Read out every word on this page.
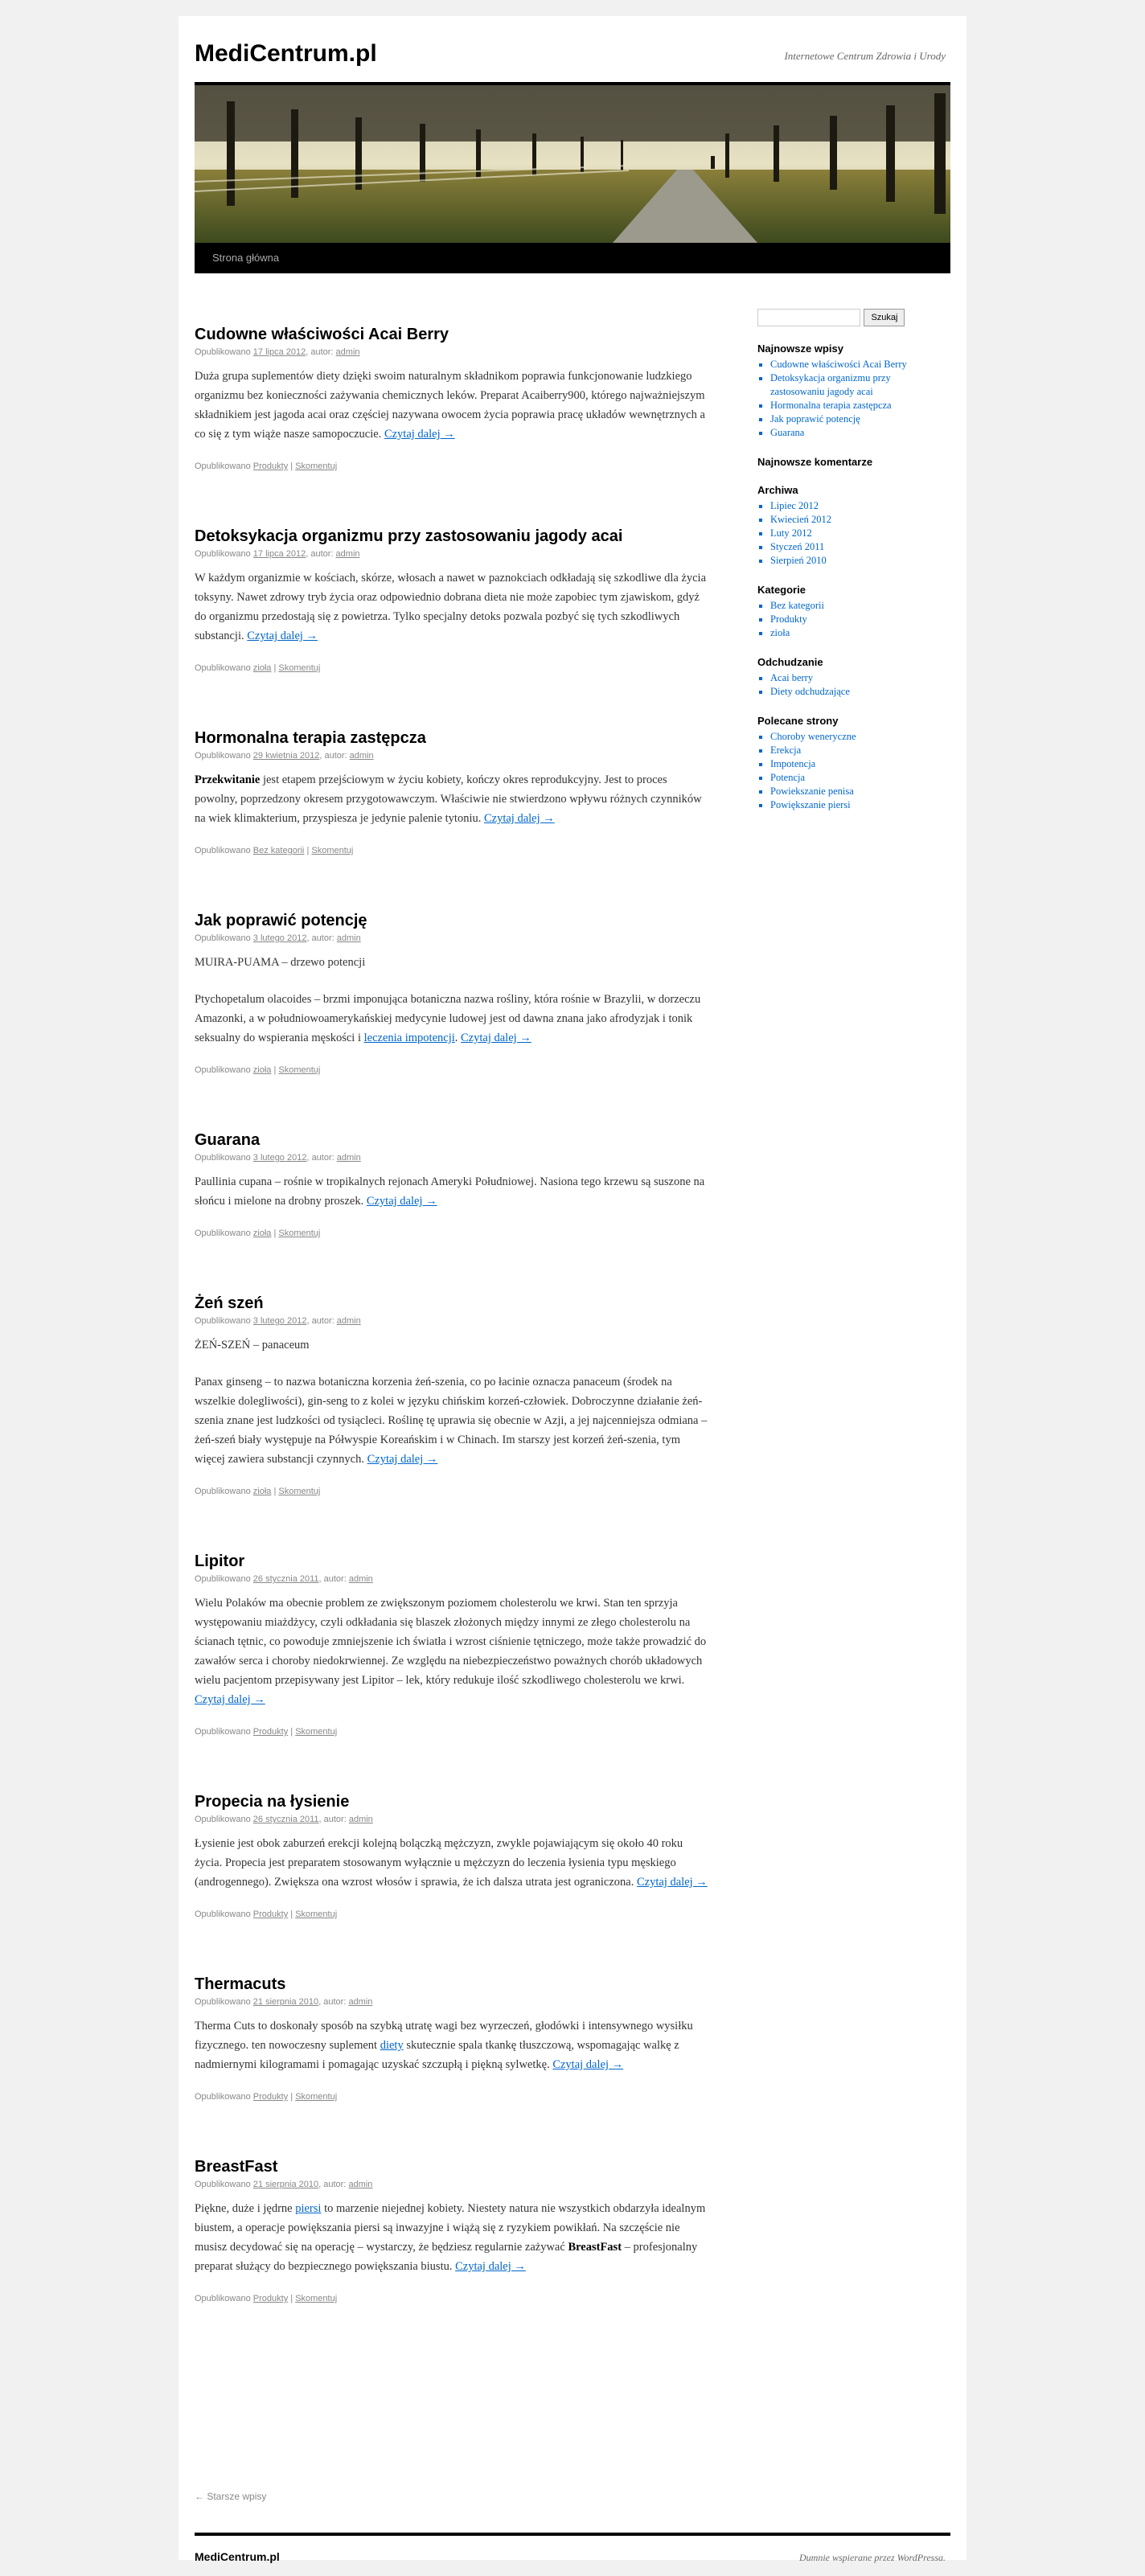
MediCentrum.pl	Internetowe Centrum Zdrowia i Urody
Strona główna
Cudowne właściwości Acai Berry
Opublikowano 17 lipca 2012, autor: admin

Duża grupa suplementów diety dzięki swoim naturalnym składnikom poprawia funkcjonowanie ludzkiego organizmu bez konieczności zażywania chemicznych leków. Preparat Acaiberry900, którego najważniejszym składnikiem jest jagoda acai oraz częściej nazywana owocem życia poprawia pracę układów wewnętrznych a co się z tym wiąże nasze samopoczucie. Czytaj dalej →

Opublikowano Produkty | Skomentuj
Detoksykacja organizmu przy zastosowaniu jagody acai
Opublikowano 17 lipca 2012, autor: admin

W każdym organizmie w kościach, skórze, włosach a nawet w paznokciach odkładają się szkodliwe dla życia toksyny. Nawet zdrowy tryb życia oraz odpowiednio dobrana dieta nie może zapobiec tym zjawiskom, gdyż do organizmu przedostają się z powietrza. Tylko specjalny detoks pozwala pozbyć się tych szkodliwych substancji. Czytaj dalej →

Opublikowano zioła | Skomentuj
Hormonalna terapia zastępcza
Opublikowano 29 kwietnia 2012, autor: admin

Przekwitanie jest etapem przejściowym w życiu kobiety, kończy okres reprodukcyjny. Jest to proces powolny, poprzedzony okresem przygotowawczym. Właściwie nie stwierdzono wpływu różnych czynników na wiek klimakterium, przyspiesza je jedynie palenie tytoniu. Czytaj dalej →

Opublikowano Bez kategorii | Skomentuj
Jak poprawić potencję
Opublikowano 3 lutego 2012, autor: admin

MUIRA-PUAMA – drzewo potencji

Ptychopetalum olacoides – brzmi imponująca botaniczna nazwa rośliny, która rośnie w Brazylii, w dorzeczu Amazonki, a w południowoamerykańskiej medycynie ludowej jest od dawna znana jako afrodyzjak i tonik seksualny do wspierania męskości i leczenia impotencji. Czytaj dalej →

Opublikowano zioła | Skomentuj
Guarana
Opublikowano 3 lutego 2012, autor: admin

Paullinia cupana – rośnie w tropikalnych rejonach Ameryki Południowej. Nasiona tego krzewu są suszone na słońcu i mielone na drobny proszek. Czytaj dalej →

Opublikowano zioła | Skomentuj
Żeń szeń
Opublikowano 3 lutego 2012, autor: admin

ŻEŃ-SZEŃ – panaceum

Panax ginseng – to nazwa botaniczna korzenia żeń-szenia, co po łacinie oznacza panaceum (środek na wszelkie dolegliwości), gin-seng to z kolei w języku chińskim korzeń-człowiek. Dobroczynne działanie żeń-szenia znane jest ludzkości od tysiącleci. Roślinę tę uprawia się obecnie w Azji, a jej najcenniejsza odmiana – żeń-szeń biały występuje na Półwyspie Koreańskim i w Chinach. Im starszy jest korzeń żeń-szenia, tym więcej zawiera substancji czynnych. Czytaj dalej →

Opublikowano zioła | Skomentuj
Lipitor
Opublikowano 26 stycznia 2011, autor: admin

Wielu Polaków ma obecnie problem ze zwiększonym poziomem cholesterolu we krwi. Stan ten sprzyja występowaniu miażdżycy, czyli odkładania się blaszek złożonych między innymi ze złego cholesterolu na ścianach tętnic, co powoduje zmniejszenie ich światła i wzrost ciśnienie tętniczego, może także prowadzić do zawałów serca i choroby niedokrwiennej. Ze względu na niebezpieczeństwo poważnych chorób układowych wielu pacjentom przepisywany jest Lipitor – lek, który redukuje ilość szkodliwego cholesterolu we krwi. Czytaj dalej →

Opublikowano Produkty | Skomentuj
Propecia na łysienie
Opublikowano 26 stycznia 2011, autor: admin

Łysienie jest obok zaburzeń erekcji kolejną bolączką mężczyzn, zwykle pojawiającym się około 40 roku życia. Propecia jest preparatem stosowanym wyłącznie u mężczyzn do leczenia łysienia typu męskiego (androgennego). Zwiększa ona wzrost włosów i sprawia, że ich dalsza utrata jest ograniczona. Czytaj dalej →

Opublikowano Produkty | Skomentuj
Thermacuts
Opublikowano 21 sierpnia 2010, autor: admin

Therma Cuts to doskonały sposób na szybką utratę wagi bez wyrzeczeń, głodówki i intensywnego wysiłku fizycznego. ten nowoczesny suplement diety skutecznie spala tkankę tłuszczową, wspomagając walkę z nadmiernymi kilogramami i pomagając uzyskać szczupłą i piękną sylwetkę. Czytaj dalej →

Opublikowano Produkty | Skomentuj
BreastFast
Opublikowano 21 sierpnia 2010, autor: admin

Piękne, duże i jędrne piersi to marzenie niejednej kobiety. Niestety natura nie wszystkich obdarzyła idealnym biustem, a operacje powiększania piersi są inwazyjne i wiążą się z ryzykiem powikłań. Na szczęście nie musisz decydować się na operację – wystarczy, że będziesz regularnie zażywać BreastFast – profesjonalny preparat służący do bezpiecznego powiększania biustu. Czytaj dalej →

Opublikowano Produkty | Skomentuj
← Starsze wpisy
Szukaj
Najnowsze wpisy
▪ Cudowne właściwości Acai Berry
▪ Detoksykacja organizmu przy zastosowaniu jagody acai
▪ Hormonalna terapia zastępcza
▪ Jak poprawić potencję
▪ Guarana
Najnowsze komentarze
Archiwa
▪ Lipiec 2012
▪ Kwiecień 2012
▪ Luty 2012
▪ Styczeń 2011
▪ Sierpień 2010
Kategorie
▪ Bez kategorii
▪ Produkty
▪ zioła
Odchudzanie
▪ Acai berry
▪ Diety odchudzające
Polecane strony
▪ Choroby weneryczne
▪ Erekcja
▪ Impotencja
▪ Potencja
▪ Powiekszanie penisa
▪ Powiększanie piersi
MediCentrum.pl	Dumnie wspierane przez WordPressa.
